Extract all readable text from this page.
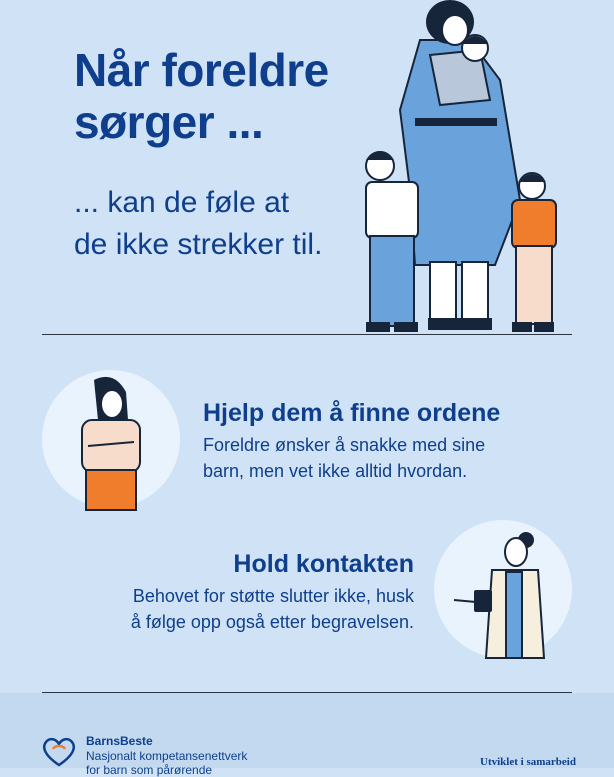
Når foreldre
sørger ...

... kan de føle at
de ikke strekker til.

Hjelp dem å finne ordene
Foreldre ønsker å snakke med sine
barn, men vet ikke alltid hvordan.
Hold kontakten
Behovet for støtte slutter ikke, husk
å følge opp også etter begravelsen.
BarnsBeste
Nasjonalt kompetansenettverk
for barn som pårørende
Utviklet i samarbeid
